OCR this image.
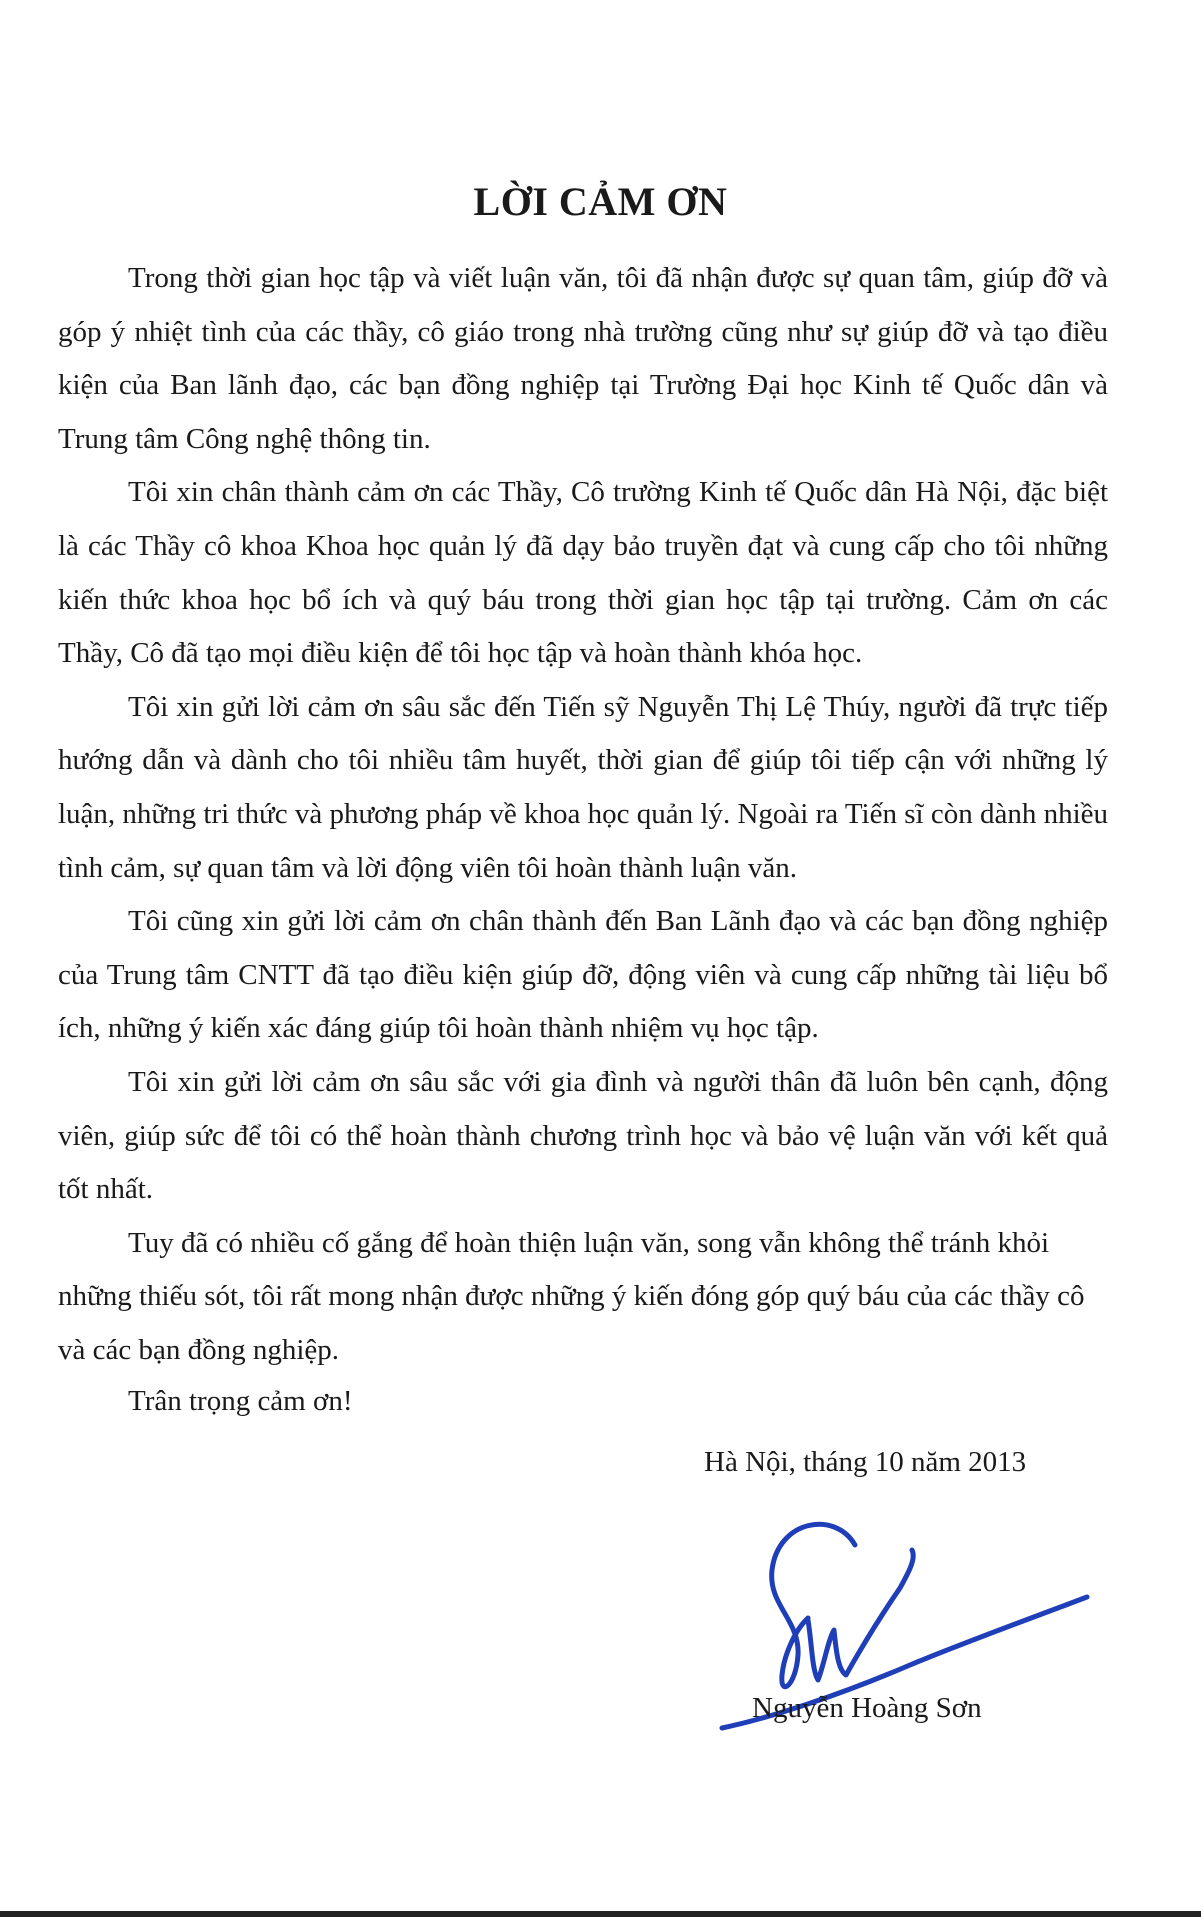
LỜI CẢM ƠN

Trong thời gian học tập và viết luận văn, tôi đã nhận được sự quan tâm, giúp đỡ và góp ý nhiệt tình của các thầy, cô giáo trong nhà trường cũng như sự giúp đỡ và tạo điều kiện của Ban lãnh đạo, các bạn đồng nghiệp tại Trường Đại học Kinh tế Quốc dân và Trung tâm Công nghệ thông tin.

Tôi xin chân thành cảm ơn các Thầy, Cô trường Kinh tế Quốc dân Hà Nội, đặc biệt là các Thầy cô khoa Khoa học quản lý đã dạy bảo truyền đạt và cung cấp cho tôi những kiến thức khoa học bổ ích và quý báu trong thời gian học tập tại trường. Cảm ơn các Thầy, Cô đã tạo mọi điều kiện để tôi học tập và hoàn thành khóa học.

Tôi xin gửi lời cảm ơn sâu sắc đến Tiến sỹ Nguyễn Thị Lệ Thúy, người đã trực tiếp hướng dẫn và dành cho tôi nhiều tâm huyết, thời gian để giúp tôi tiếp cận với những lý luận, những tri thức và phương pháp về khoa học quản lý. Ngoài ra Tiến sĩ còn dành nhiều tình cảm, sự quan tâm và lời động viên tôi hoàn thành luận văn.

Tôi cũng xin gửi lời cảm ơn chân thành đến Ban Lãnh đạo và các bạn đồng nghiệp của Trung tâm CNTT đã tạo điều kiện giúp đỡ, động viên và cung cấp những tài liệu bổ ích, những ý kiến xác đáng giúp tôi hoàn thành nhiệm vụ học tập.

Tôi xin gửi lời cảm ơn sâu sắc với gia đình và người thân đã luôn bên cạnh, động viên, giúp sức để tôi có thể hoàn thành chương trình học và bảo vệ luận văn với kết quả tốt nhất.

Tuy đã có nhiều cố gắng để hoàn thiện luận văn, song vẫn không thể tránh khỏi những thiếu sót, tôi rất mong nhận được những ý kiến đóng góp quý báu của các thầy cô và các bạn đồng nghiệp.

Trân trọng cảm ơn!
Hà Nội, tháng 10 năm 2013
Nguyễn Hoàng Sơn
